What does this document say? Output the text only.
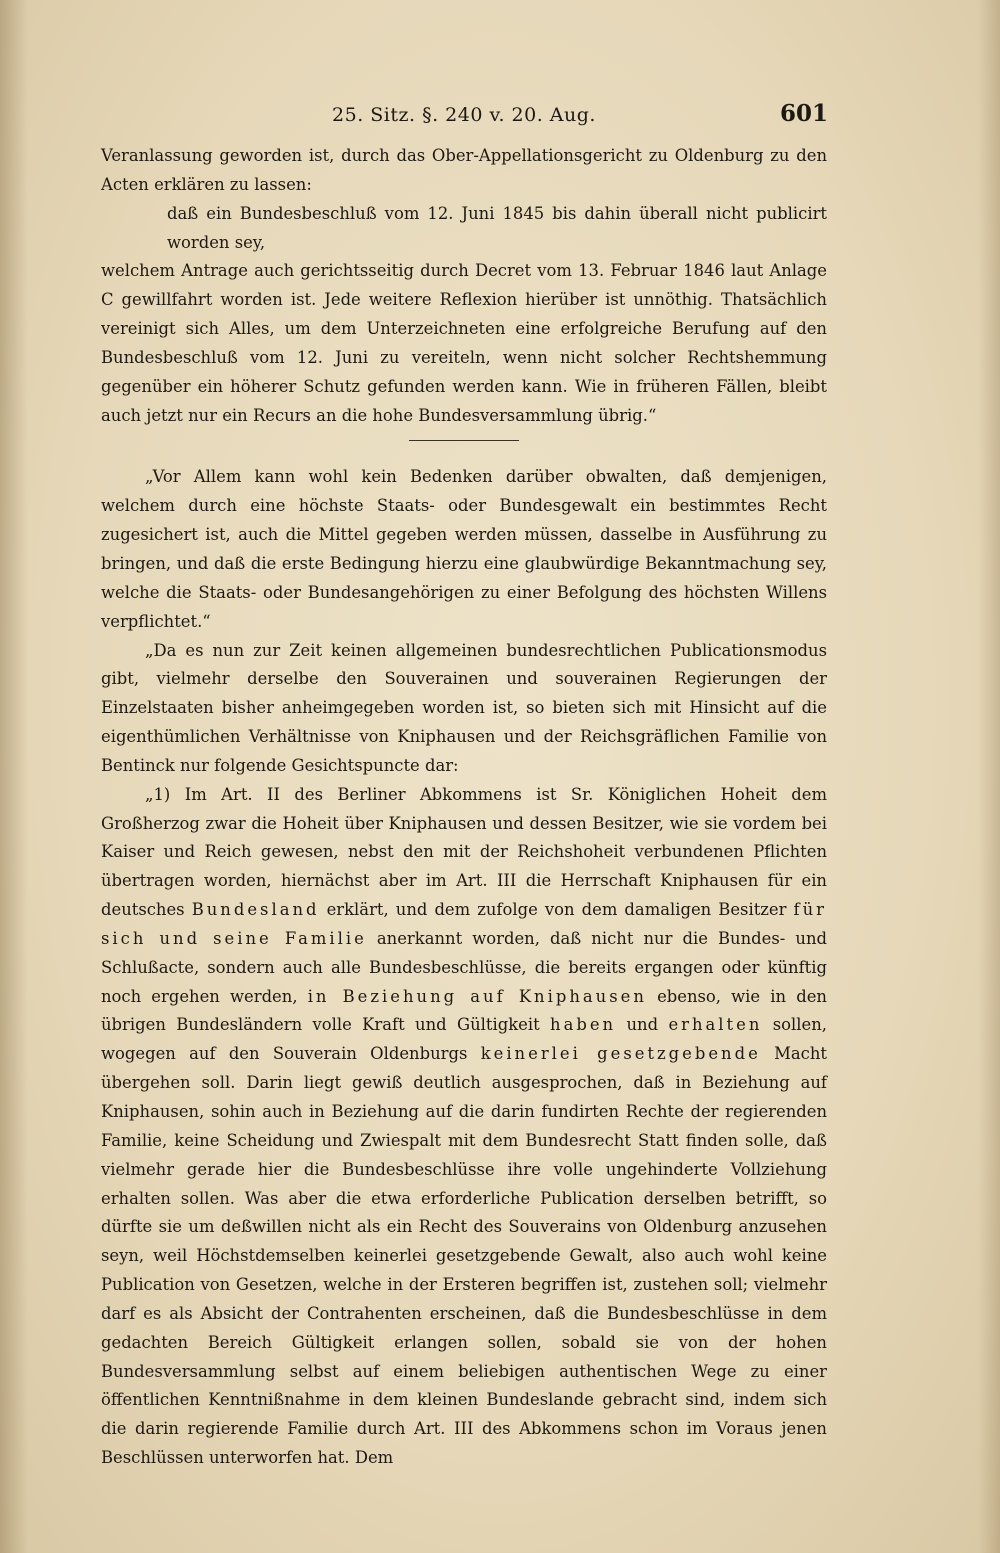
25. Sitz. §. 240 v. 20. Aug.	601

Veranlassung geworden ist, durch das Ober-Appellationsgericht zu Oldenburg zu den Acten erklären zu lassen:

daß ein Bundesbeschluß vom 12. Juni 1845 bis dahin überall nicht publicirt worden sey,

welchem Antrage auch gerichtsseitig durch Decret vom 13. Februar 1846 laut Anlage C gewillfahrt worden ist. Jede weitere Reflexion hierüber ist unnöthig. Thatsächlich vereinigt sich Alles, um dem Unterzeichneten eine erfolgreiche Berufung auf den Bundesbeschluß vom 12. Juni zu vereiteln, wenn nicht solcher Rechtshemmung gegenüber ein höherer Schutz gefunden werden kann. Wie in früheren Fällen, bleibt auch jetzt nur ein Recurs an die hohe Bundesversammlung übrig.“

„Vor Allem kann wohl kein Bedenken darüber obwalten, daß demjenigen, welchem durch eine höchste Staats- oder Bundesgewalt ein bestimmtes Recht zugesichert ist, auch die Mittel gegeben werden müssen, dasselbe in Ausführung zu bringen, und daß die erste Bedingung hierzu eine glaubwürdige Bekanntmachung sey, welche die Staats- oder Bundesangehörigen zu einer Befolgung des höchsten Willens verpflichtet.“

„Da es nun zur Zeit keinen allgemeinen bundesrechtlichen Publicationsmodus gibt, vielmehr derselbe den Souverainen und souverainen Regierungen der Einzelstaaten bisher anheimgegeben worden ist, so bieten sich mit Hinsicht auf die eigenthümlichen Verhältnisse von Kniphausen und der Reichsgräflichen Familie von Bentinck nur folgende Gesichtspuncte dar:

„1) Im Art. II des Berliner Abkommens ist Sr. Königlichen Hoheit dem Großherzog zwar die Hoheit über Kniphausen und dessen Besitzer, wie sie vordem bei Kaiser und Reich gewesen, nebst den mit der Reichshoheit verbundenen Pflichten übertragen worden, hiernächst aber im Art. III die Herrschaft Kniphausen für ein deutsches Bundesland erklärt, und dem zufolge von dem damaligen Besitzer für sich und seine Familie anerkannt worden, daß nicht nur die Bundes- und Schlußacte, sondern auch alle Bundesbeschlüsse, die bereits ergangen oder künftig noch ergehen werden, in Beziehung auf Kniphausen ebenso, wie in den übrigen Bundesländern volle Kraft und Gültigkeit haben und erhalten sollen, wogegen auf den Souverain Oldenburgs keinerlei gesetzgebende Macht übergehen soll. Darin liegt gewiß deutlich ausgesprochen, daß in Beziehung auf Kniphausen, sohin auch in Beziehung auf die darin fundirten Rechte der regierenden Familie, keine Scheidung und Zwiespalt mit dem Bundesrecht Statt finden solle, daß vielmehr gerade hier die Bundesbeschlüsse ihre volle ungehinderte Vollziehung erhalten sollen. Was aber die etwa erforderliche Publication derselben betrifft, so dürfte sie um deßwillen nicht als ein Recht des Souverains von Oldenburg anzusehen seyn, weil Höchstdemselben keinerlei gesetzgebende Gewalt, also auch wohl keine Publication von Gesetzen, welche in der Ersteren begriffen ist, zustehen soll; vielmehr darf es als Absicht der Contrahenten erscheinen, daß die Bundesbeschlüsse in dem gedachten Bereich Gültigkeit erlangen sollen, sobald sie von der hohen Bundesversammlung selbst auf einem beliebigen authentischen Wege zu einer öffentlichen Kenntnißnahme in dem kleinen Bundeslande gebracht sind, indem sich die darin regierende Familie durch Art. III des Abkommens schon im Voraus jenen Beschlüssen unterworfen hat. Dem
